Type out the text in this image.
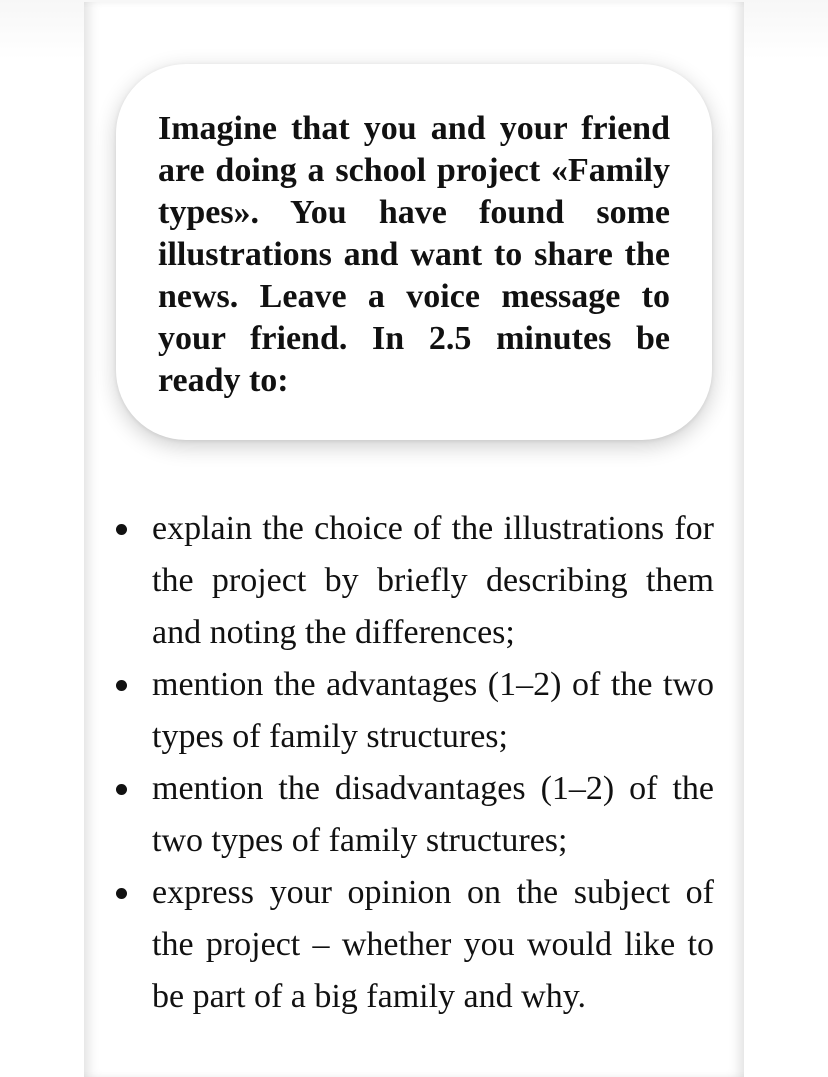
Imagine that you and your friend are doing a school project «Family types». You have found some illustrations and want to share the news. Leave a voice message to your friend. In 2.5 minutes be ready to:

explain the choice of the illustrations for the project by briefly describing them and noting the differences;
mention the advantages (1–2) of the two types of family structures;
mention the disadvantages (1–2) of the two types of family structures;
express your opinion on the subject of the project – whether you would like to be part of a big family and why.
